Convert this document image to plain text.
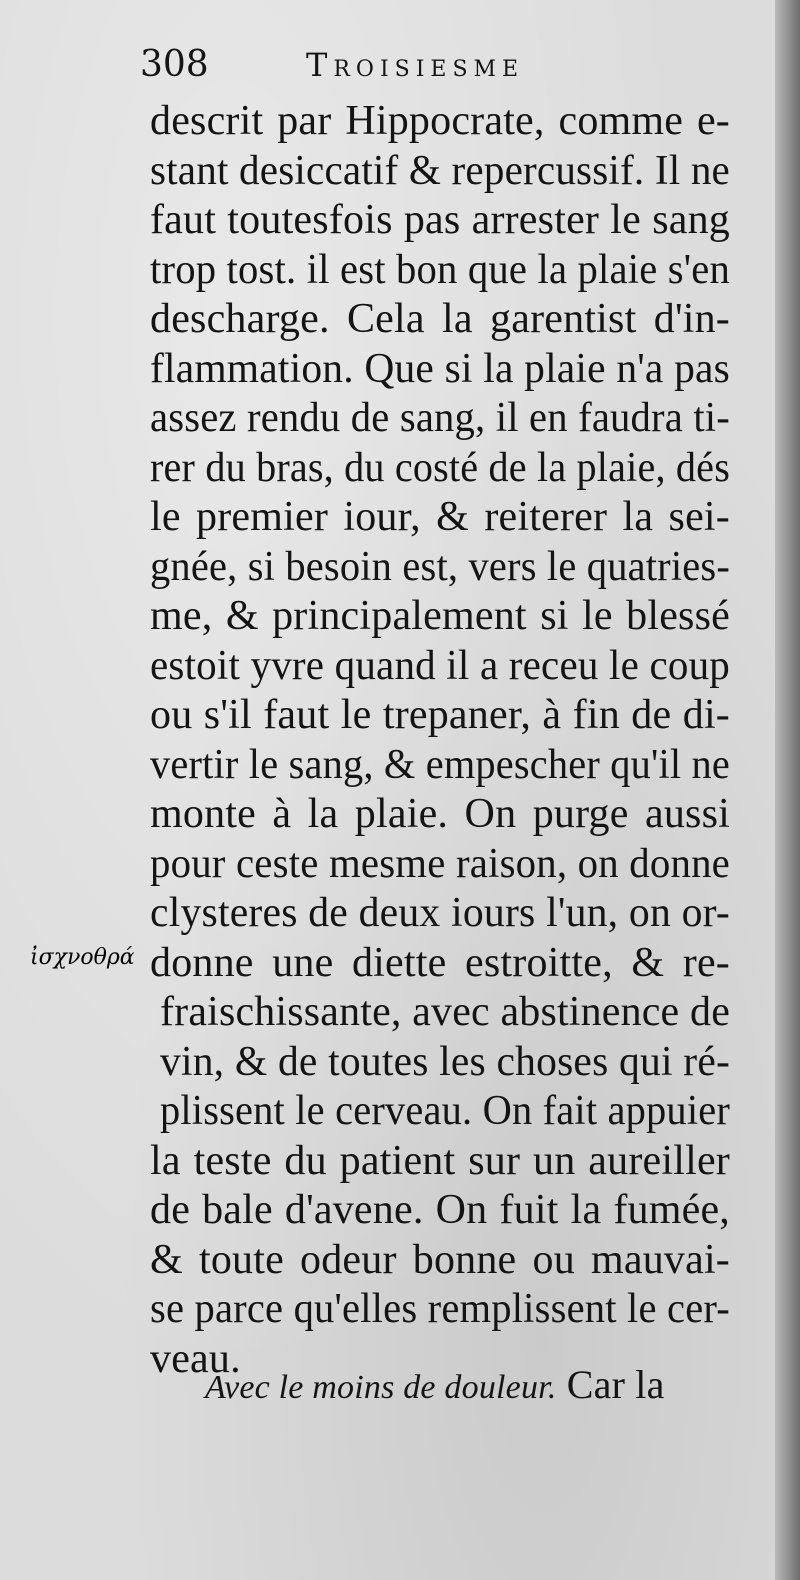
308	Troisiesme
descrit par Hippocrate, comme e-
stant desiccatif & repercussif. Il ne
faut toutesfois pas arrester le sang
trop tost. il est bon que la plaie s'en
descharge. Cela la garentist d'in-
flammation. Que si la plaie n'a pas
assez rendu de sang, il en faudra ti-
rer du bras, du costé de la plaie, dés
le premier iour, & reiterer la sei-
gnée, si besoin est, vers le quatries-
me, & principalement si le blessé
estoit yvre quand il a receu le coup
ou s'il faut le trepaner, à fin de di-
vertir le sang, & empescher qu'il ne
monte à la plaie. On purge aussi
pour ceste mesme raison, on donne
clysteres de deux iours l'un, on or-
donne une diette estroitte, & re-
fraischissante, avec abstinence de
vin, & de toutes les choses qui ré-
plissent le cerveau. On fait appuier
la teste du patient sur un aureiller
de bale d'avene. On fuit la fumée,
& toute odeur bonne ou mauvai-
se parce qu'elles remplissent le cer-
veau.
Avec le moins de douleur. Car la
ἰσχνοθρά
